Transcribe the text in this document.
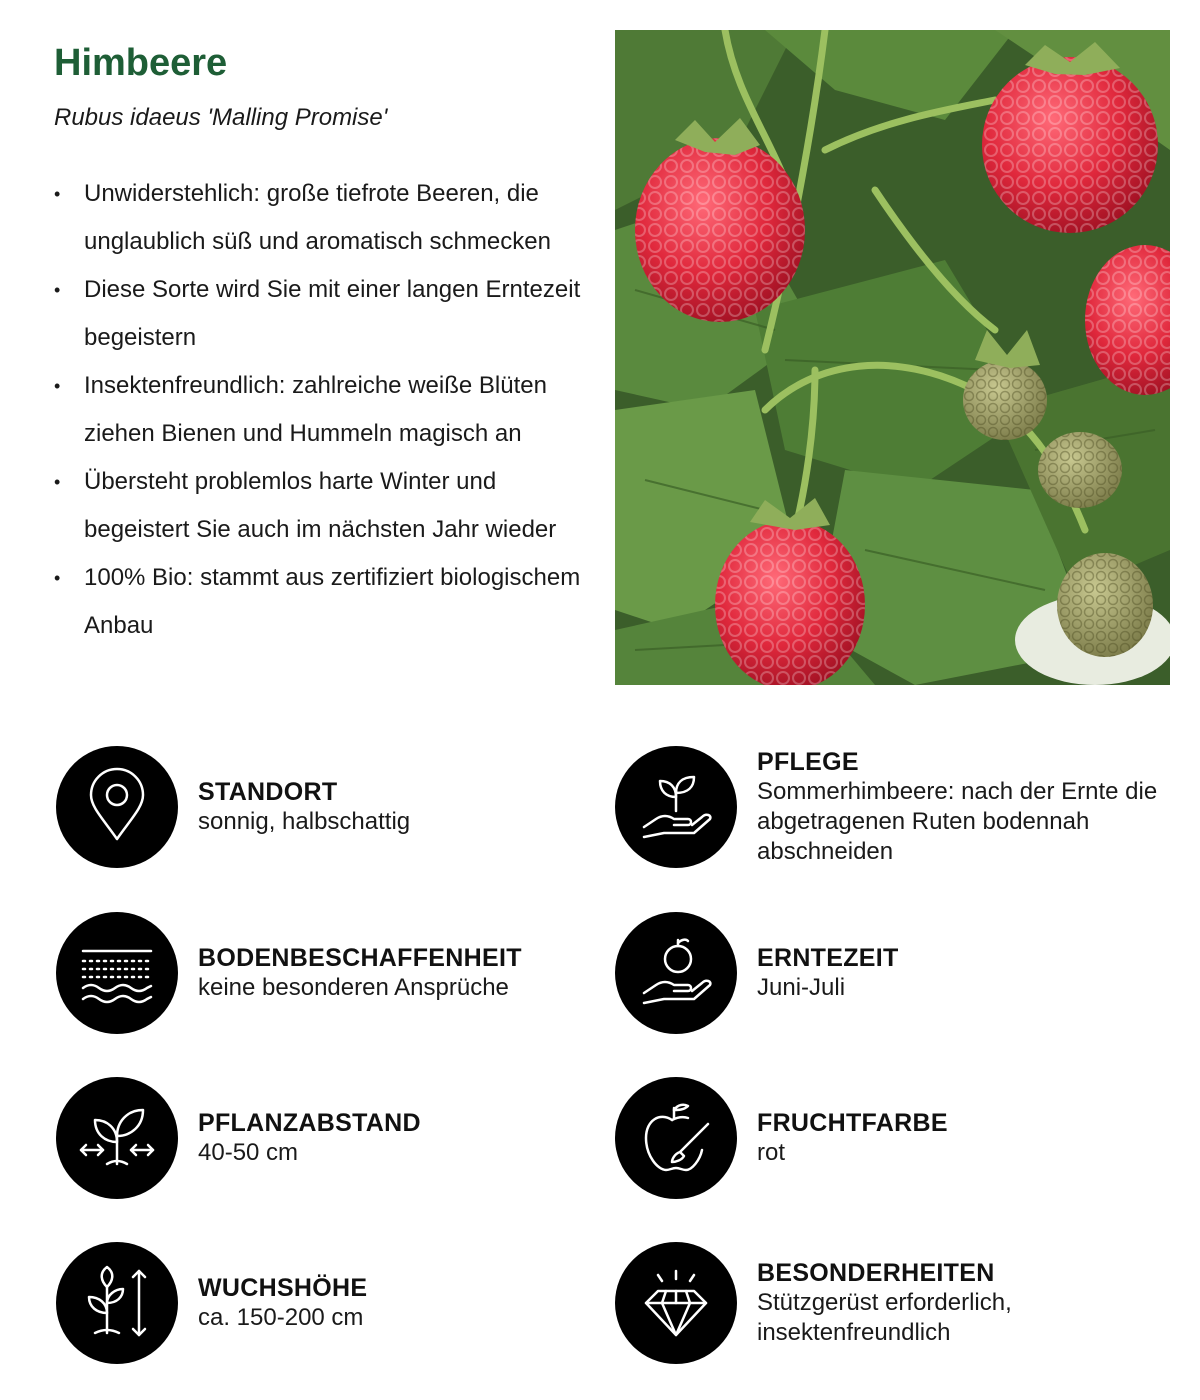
Himbeere
Rubus idaeus 'Malling Promise'
• Unwiderstehlich: große tiefrote Beeren, die unglaublich süß und aromatisch schmecken
• Diese Sorte wird Sie mit einer langen Erntezeit begeistern
• Insektenfreundlich: zahlreiche weiße Blüten ziehen Bienen und Hummeln magisch an
• Übersteht problemlos harte Winter und begeistert Sie auch im nächsten Jahr wieder
• 100% Bio: stammt aus zertifiziert biologischem Anbau
STANDORT
sonnig, halbschattig
BODENBESCHAFFENHEIT
keine besonderen Ansprüche
PFLANZABSTAND
40-50 cm
WUCHSHÖHE
ca. 150-200 cm
PFLEGE
Sommerhimbeere: nach der Ernte die abgetragenen Ruten bodennah abschneiden
ERNTEZEIT
Juni-Juli
FRUCHTFARBE
rot
BESONDERHEITEN
Stützgerüst erforderlich, insektenfreundlich
